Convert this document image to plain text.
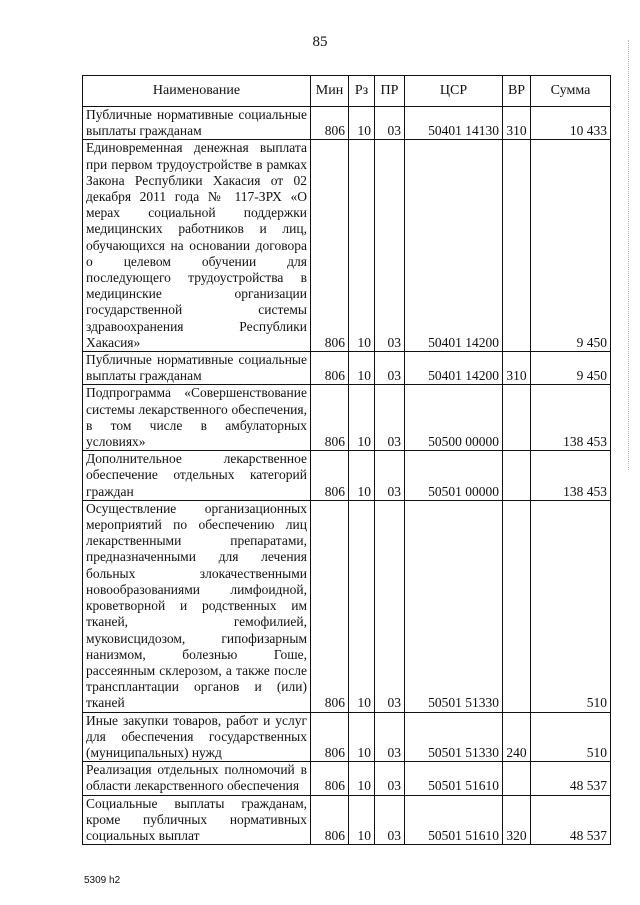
85
Наименование	Мин	Рз	ПР	ЦСР	ВР	Сумма
Публичные нормативные социальные выплаты гражданам	806	10	03	50401 14130	310	10 433
Единовременная денежная выплата при первом трудоустройстве в рамках Закона Республики Хакасия от 02 декабря 2011 года № 117-ЗРХ «О мерах социальной поддержки медицинских работников и лиц, обучающихся на основании договора о целевом обучении для последующего трудоустройства в медицинские организации государственной системы здравоохранения Республики Хакасия»	806	10	03	50401 14200		9 450
Публичные нормативные социальные выплаты гражданам	806	10	03	50401 14200	310	9 450
Подпрограмма «Совершенствование системы лекарственного обеспечения, в том числе в амбулаторных условиях»	806	10	03	50500 00000		138 453
Дополнительное лекарственное обеспечение отдельных категорий граждан	806	10	03	50501 00000		138 453
Осуществление организационных мероприятий по обеспечению лиц лекарственными препаратами, предназначенными для лечения больных злокачественными новообразованиями лимфоидной, кроветворной и родственных им тканей, гемофилией, муковисцидозом, гипофизарным нанизмом, болезнью Гоше, рассеянным склерозом, а также после трансплантации органов и (или) тканей	806	10	03	50501 51330		510
Иные закупки товаров, работ и услуг для обеспечения государственных (муниципальных) нужд	806	10	03	50501 51330	240	510
Реализация отдельных полномочий в области лекарственного обеспечения	806	10	03	50501 51610		48 537
Социальные выплаты гражданам, кроме публичных нормативных социальных выплат	806	10	03	50501 51610	320	48 537
5309 h2
